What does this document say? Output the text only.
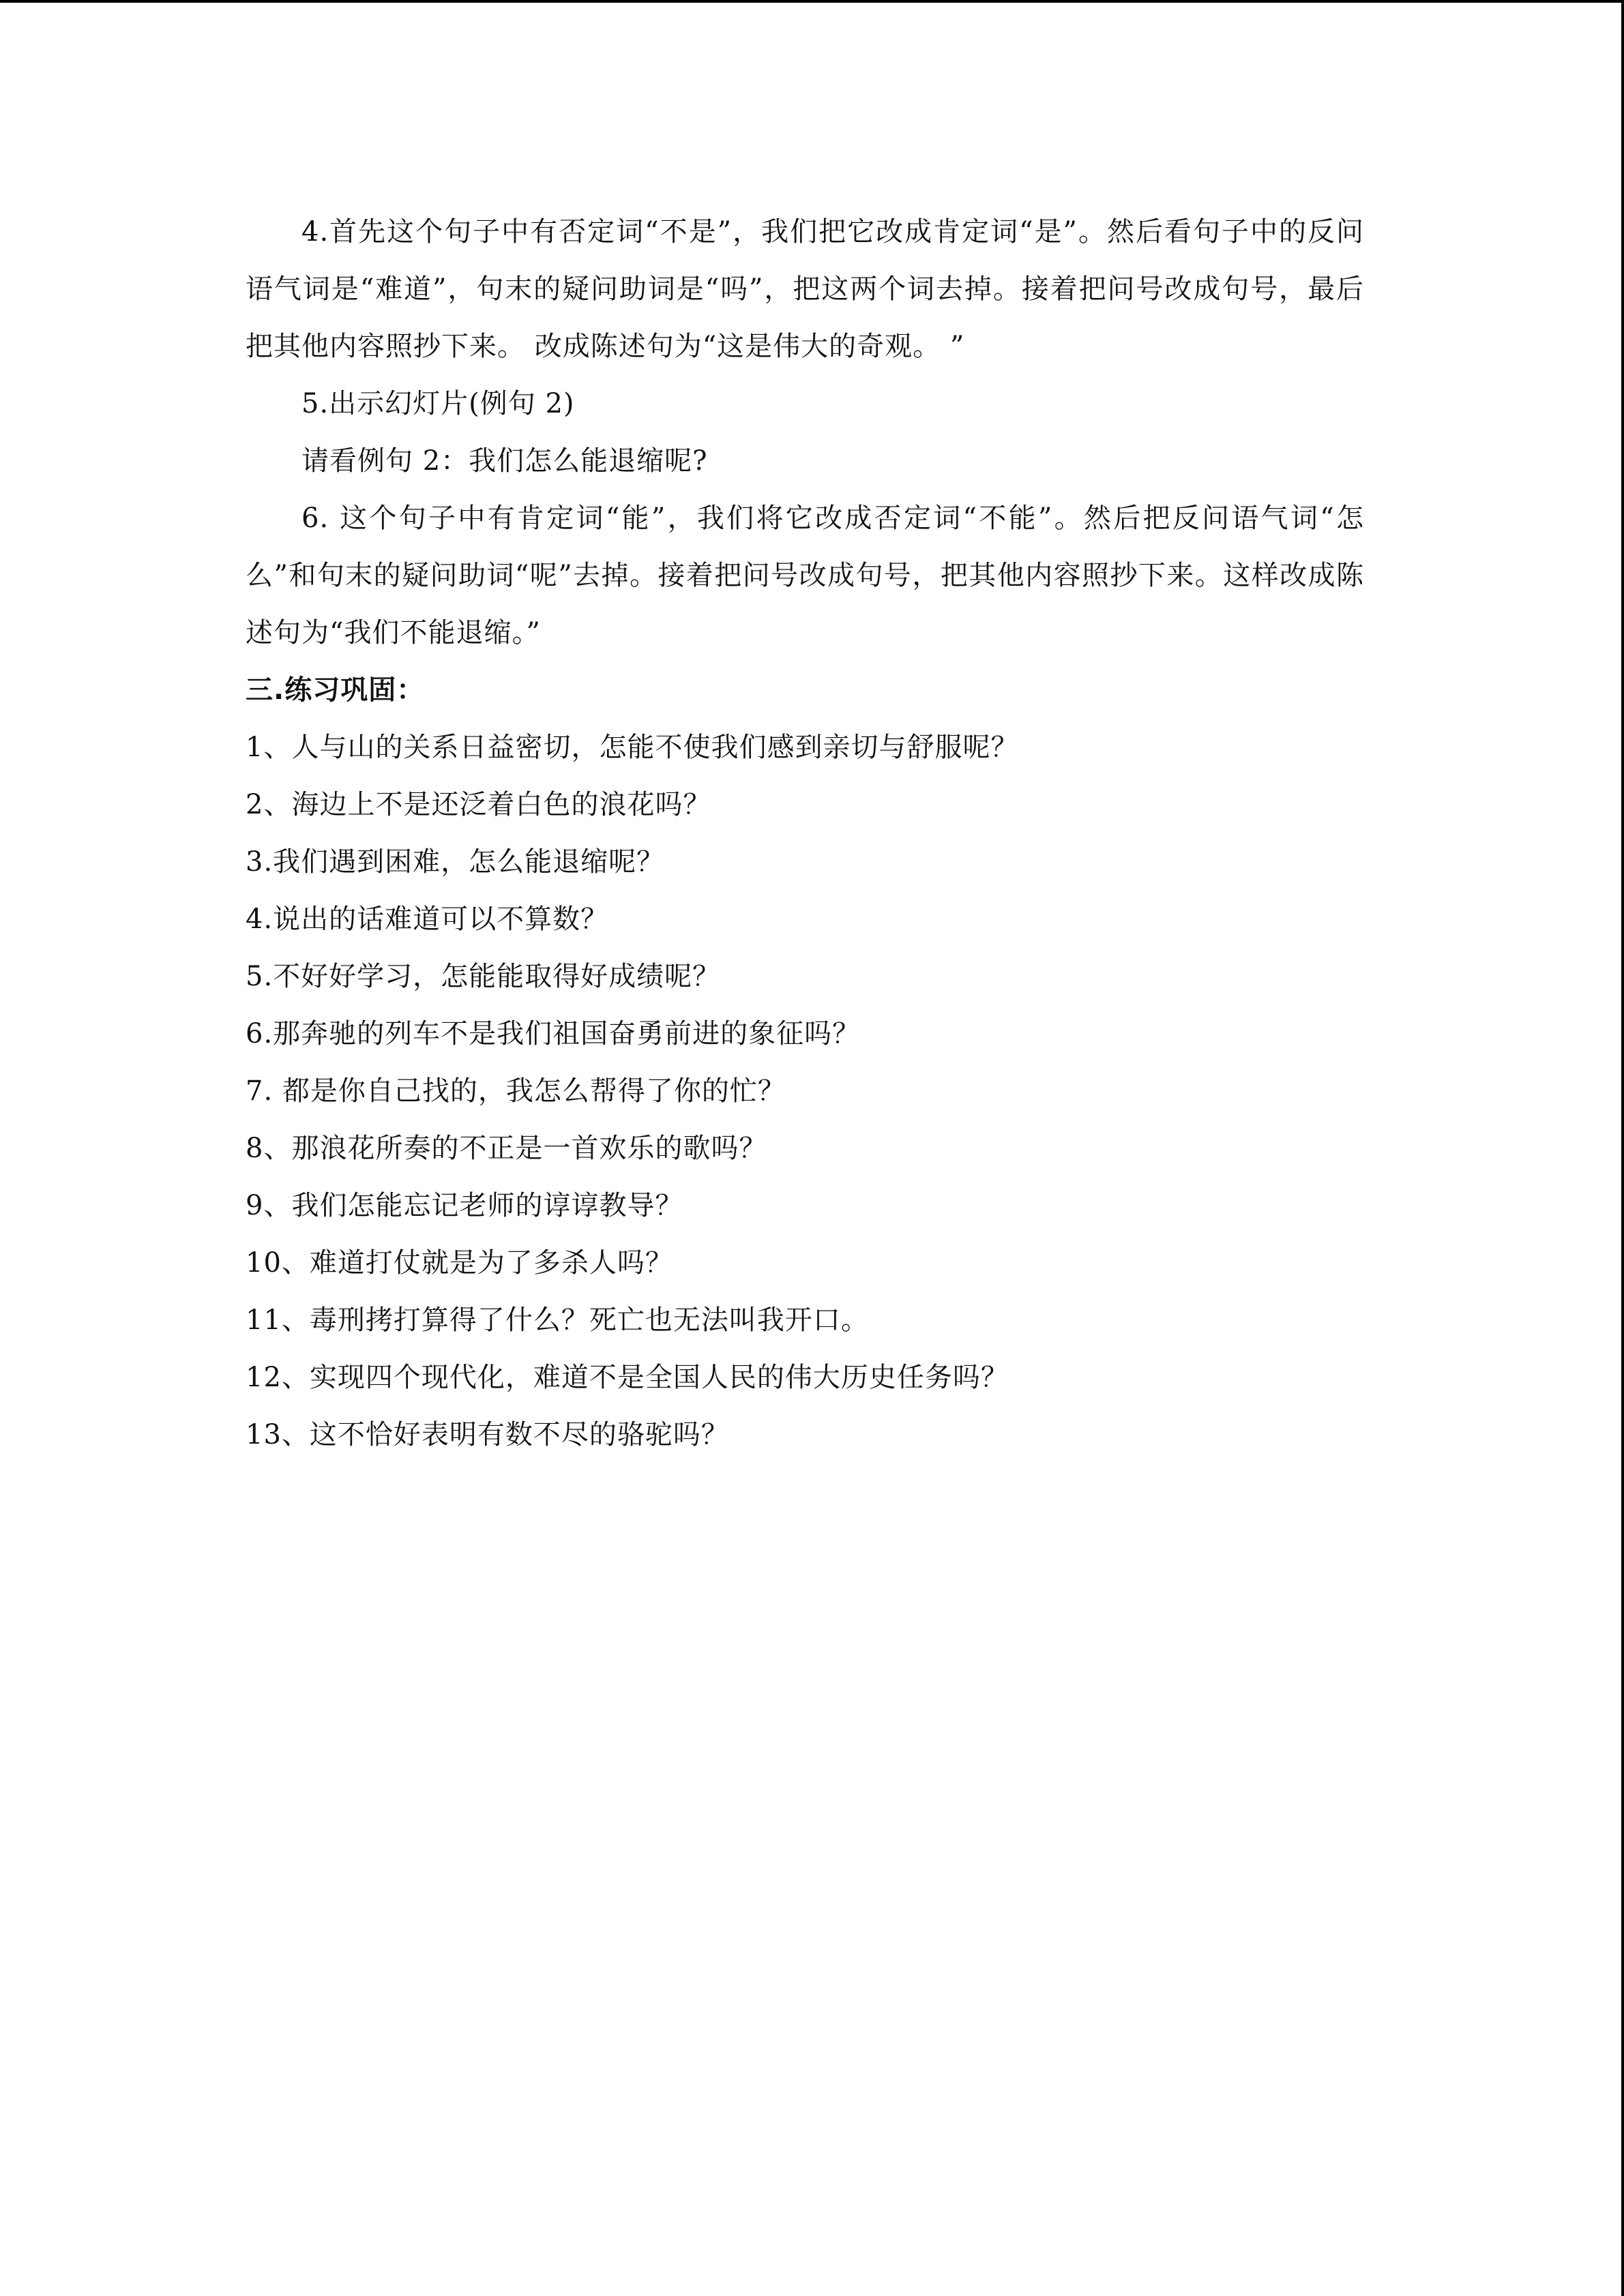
4.首先这个句子中有否定词“不是”，我们把它改成肯定词“是”。然后看句子中的反问语气词是“难道”，句末的疑问助词是“吗”，把这两个词去掉。接着把问号改成句号，最后把其他内容照抄下来。 改成陈述句为“这是伟大的奇观。 ”

5.出示幻灯片(例句 2)

请看例句 2：我们怎么能退缩呢?

6. 这个句子中有肯定词“能”，我们将它改成否定词“不能”。然后把反问语气词“怎么”和句末的疑问助词“呢”去掉。接着把问号改成句号，把其他内容照抄下来。这样改成陈述句为“我们不能退缩。”

三.练习巩固：

1、人与山的关系日益密切，怎能不使我们感到亲切与舒服呢？

2、海边上不是还泛着白色的浪花吗？

3.我们遇到困难，怎么能退缩呢？

4.说出的话难道可以不算数？

5.不好好学习，怎能能取得好成绩呢？

6.那奔驰的列车不是我们祖国奋勇前进的象征吗？

7. 都是你自己找的，我怎么帮得了你的忙？

8、那浪花所奏的不正是一首欢乐的歌吗？

9、我们怎能忘记老师的谆谆教导？

10、难道打仗就是为了多杀人吗？

11、毒刑拷打算得了什么？死亡也无法叫我开口。

12、实现四个现代化，难道不是全国人民的伟大历史任务吗？

13、这不恰好表明有数不尽的骆驼吗？
